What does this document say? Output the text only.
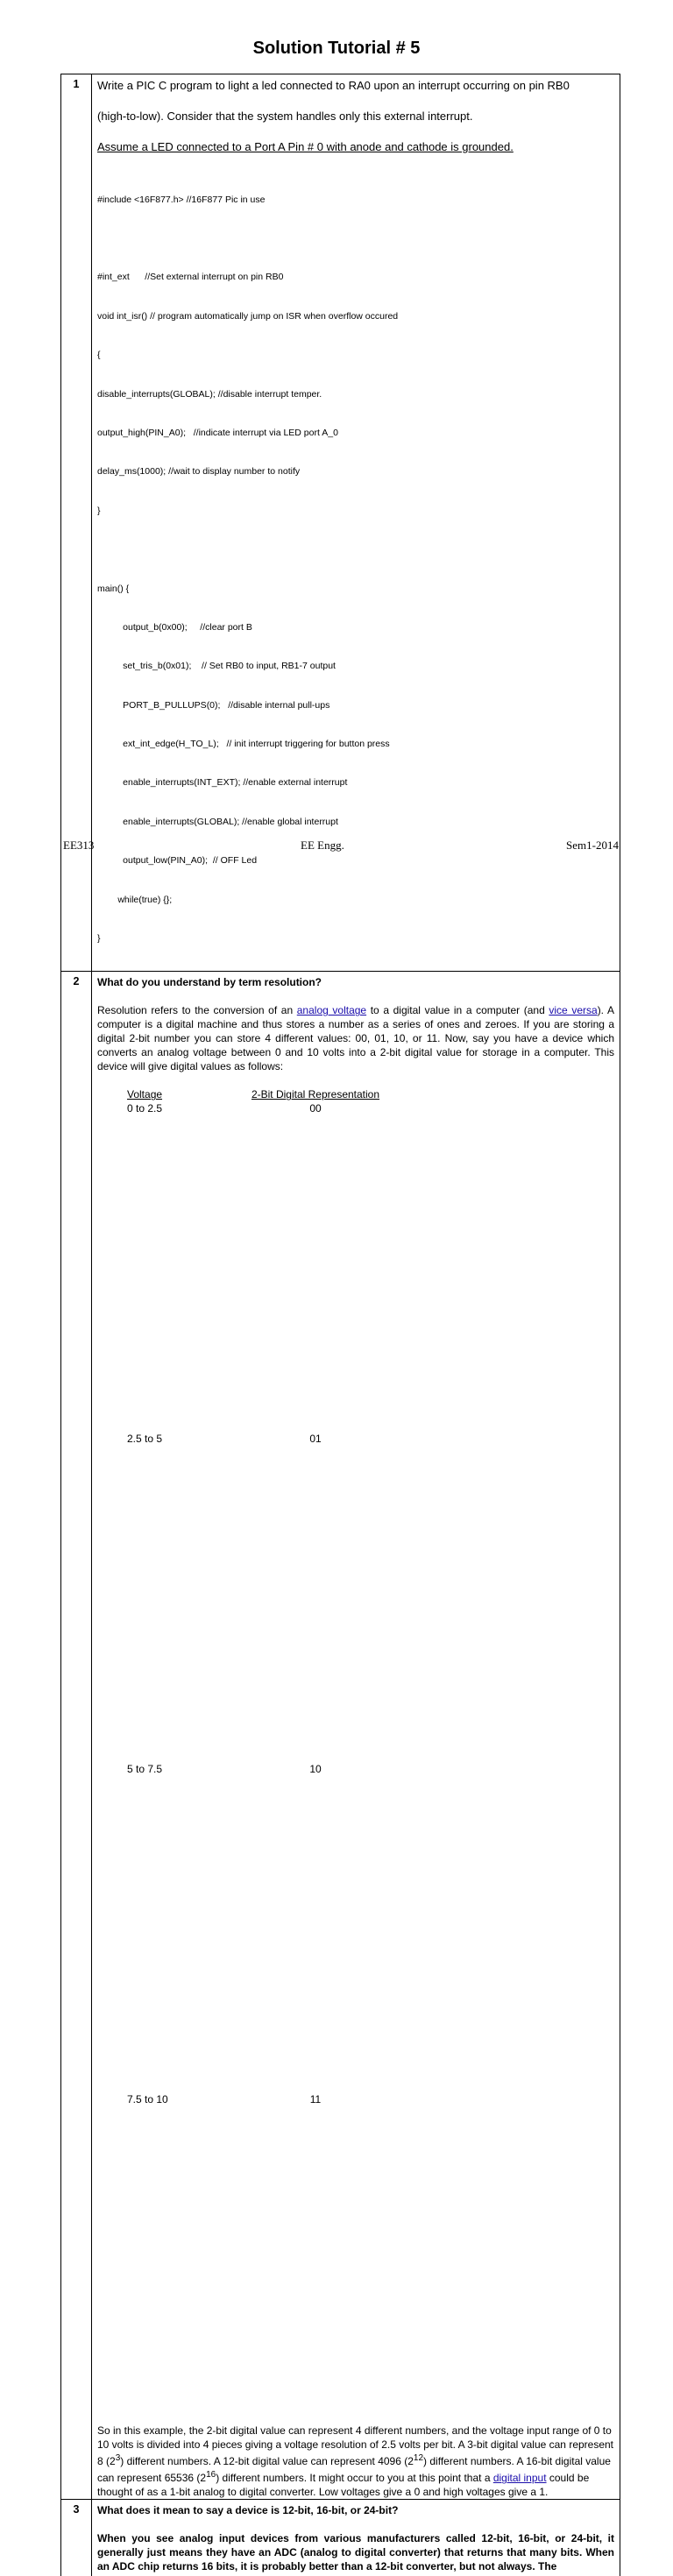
Solution Tutorial # 5
1	Write a PIC C program to light a led connected to RA0 upon an interrupt occurring on pin RB0
(high-to-low). Consider that the system handles only this external interrupt.
Assume a LED connected to a Port A Pin # 0 with anode and cathode is grounded.

#include <16F877.h> //16F877 Pic in use

#int_ext      //Set external interrupt on pin RB0

void int_isr() // program automatically jump on ISR when overflow occured

{

disable_interrupts(GLOBAL); //disable interrupt temper.

output_high(PIN_A0);   //indicate interrupt via LED port A_0

delay_ms(1000); //wait to display number to notify

}

main() {

output_b(0x00);     //clear port B

set_tris_b(0x01);    // Set RB0 to input, RB1-7 output

PORT_B_PULLUPS(0);   //disable internal pull-ups

ext_int_edge(H_TO_L);   // init interrupt triggering for button press

enable_interrupts(INT_EXT); //enable external interrupt

enable_interrupts(GLOBAL); //enable global interrupt

output_low(PIN_A0);  // OFF Led

while(true) {};

}

2	What do you understand by term resolution?
Resolution refers to the conversion of an analog voltage to a digital value in a computer (and vice versa). A computer is a digital machine and thus stores a number as a series of ones and zeroes. If you are storing a digital 2-bit number you can store 4 different values: 00, 01, 10, or 11. Now, say you have a device which converts an analog voltage between 0 and 10 volts into a 2-bit digital value for storage in a computer. This device will give digital values as follows:
Voltage	2-Bit Digital Representation
0 to 2.5	00
2.5 to 5	01
5 to 7.5	10
7.5 to 10	11
So in this example, the 2-bit digital value can represent 4 different numbers, and the voltage input range of 0 to 10 volts is divided into 4 pieces giving a voltage resolution of 2.5 volts per bit. A 3-bit digital value can represent 8 $(2^3)$ different numbers. A 12-bit digital value can represent 4096 $(2^{12})$ different numbers. A 16-bit digital value can represent 65536 $(2^{16})$ different numbers. It might occur to you at this point that a digital input could be thought of as a 1-bit analog to digital converter. Low voltages give a 0 and high voltages give a 1.

3	What does it mean to say a device is 12-bit, 16-bit, or 24-bit?
When you see analog input devices from various manufacturers called 12-bit, 16-bit, or 24-bit, it generally just means they have an ADC (analog to digital converter) that returns that many bits. When an ADC chip returns 16 bits, it is probably better than a 12-bit converter, but not always. The
EE313	EE Engg.	Sem1-2014
